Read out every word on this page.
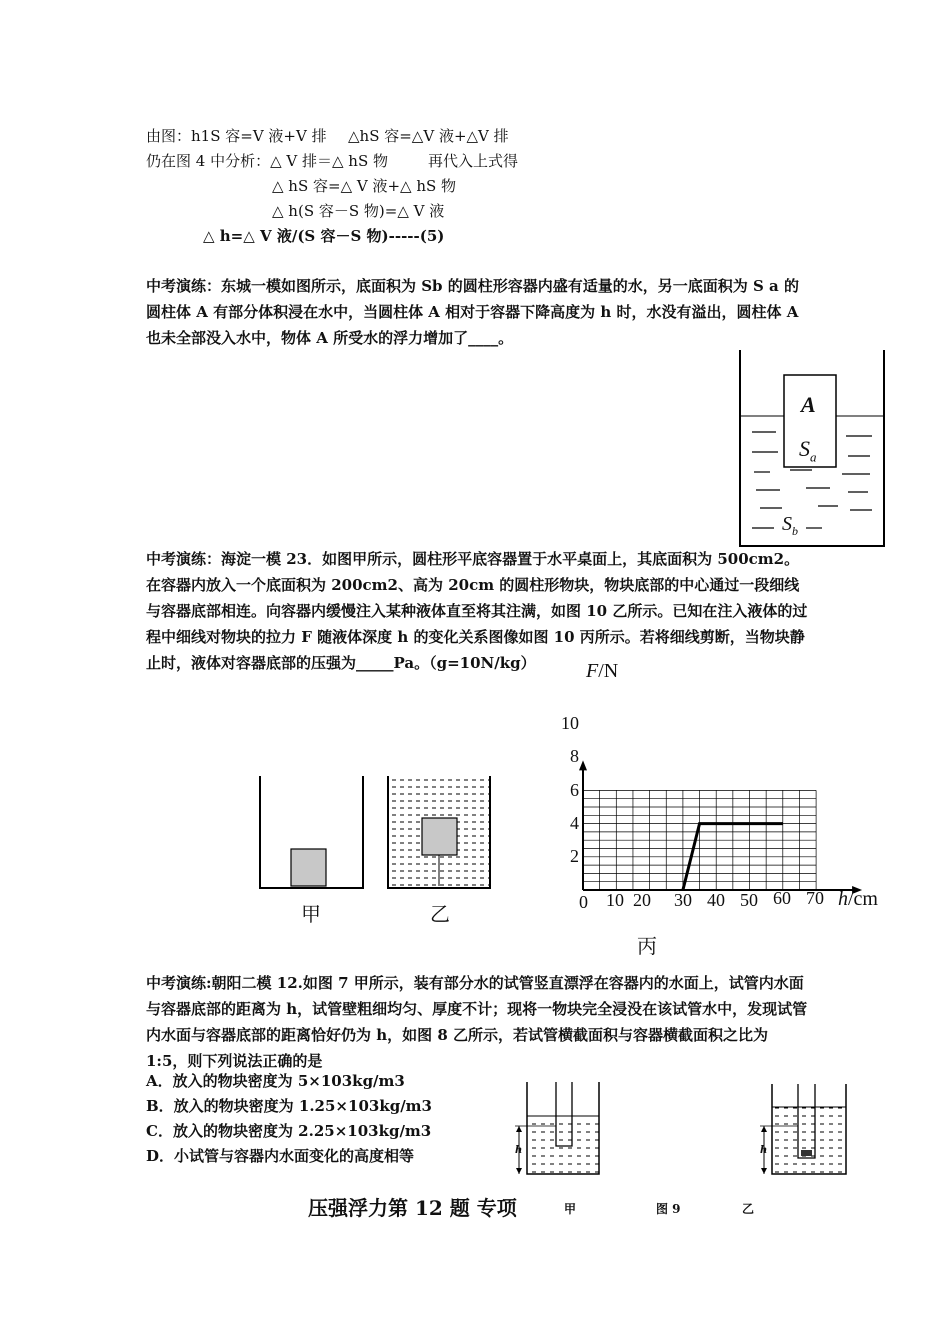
由图：h1S 容=V 液+V 排 △hS 容=△V 液+△V 排
仍在图 4 中分析：△ V 排＝△ hS 物	再代入上式得
△ hS 容=△ V 液+△ hS 物
△ h(S 容－S 物)=△ V 液
△ h=△ V 液/(S 容－S 物)-----(5)
中考演练：东城一模如图所示，底面积为 Sb 的圆柱形容器内盛有适量的水，另一底面积为 S a 的圆柱体 A 有部分体积浸在水中，当圆柱体 A 相对于容器下降高度为 h 时，水没有溢出，圆柱体 A 也未全部没入水中，物体 A 所受水的浮力增加了____。
A
$S_a$
$S_b$
中考演练：海淀一模 23．如图甲所示，圆柱形平底容器置于水平桌面上，其底面积为 500cm2。在容器内放入一个底面积为 200cm2、高为 20cm 的圆柱形物块，物块底部的中心通过一段细线与容器底部相连。向容器内缓慢注入某种液体直至将其注满，如图 10 乙所示。已知在注入液体的过程中细线对物块的拉力 F 随液体深度 h 的变化关系图像如图 10 丙所示。若将细线剪断，当物块静止时，液体对容器底部的压强为_____Pa。（g=10N/kg）
甲	乙
F/N
h/cm
10
8
6
4
2
0 10 20 30 40 50 60 70
丙
中考演练:朝阳二模 12.如图 7 甲所示，装有部分水的试管竖直漂浮在容器内的水面上，试管内水面与容器底部的距离为 h，试管壁粗细均匀、厚度不计；现将一物块完全浸没在该试管水中，发现试管内水面与容器底部的距离恰好仍为 h，如图 8 乙所示，若试管横截面积与容器横截面积之比为 1:5，则下列说法正确的是
A．放入的物块密度为 5×103kg/m3
B．放入的物块密度为 1.25×103kg/m3
C．放入的物块密度为 2.25×103kg/m3
D．小试管与容器内水面变化的高度相等	h	h
甲	图 9	乙
压强浮力第 12 题 专项
